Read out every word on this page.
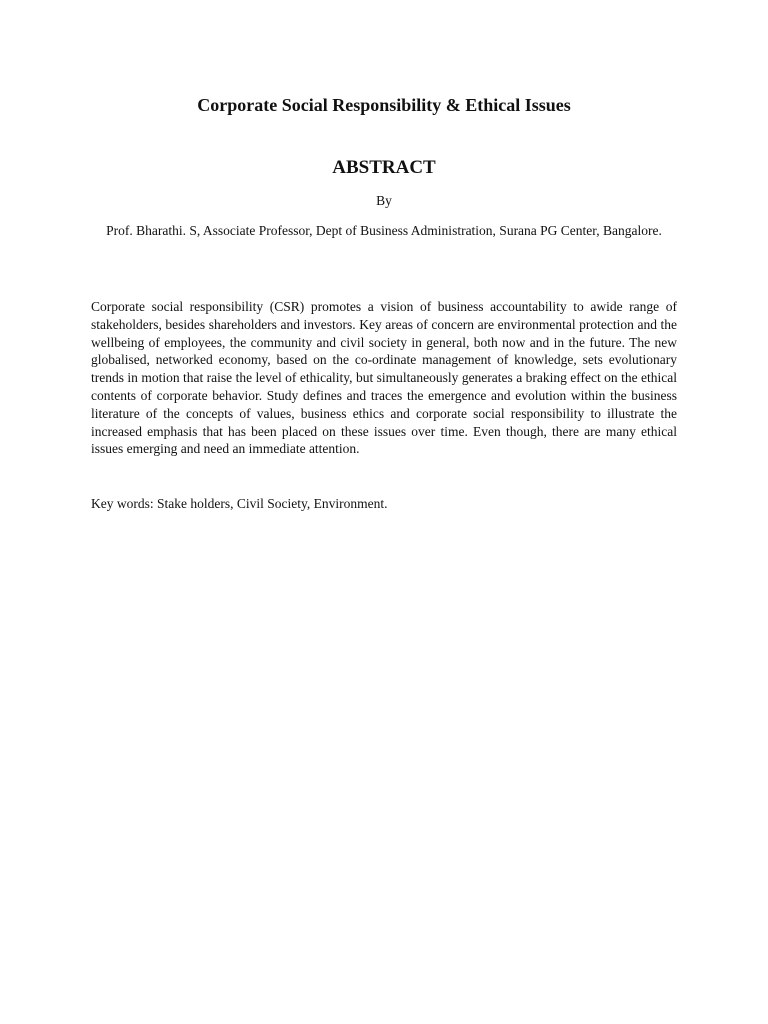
Corporate Social Responsibility & Ethical Issues
ABSTRACT
By
Prof. Bharathi. S, Associate Professor, Dept of Business Administration, Surana PG Center, Bangalore.
Corporate social responsibility (CSR) promotes a vision of business accountability to awide range of stakeholders, besides shareholders and investors. Key areas of concern are environmental protection and the wellbeing of employees, the community and civil society in general, both now and in the future. The new globalised, networked economy, based on the co-ordinate management of knowledge, sets evolutionary trends in motion that raise the level of ethicality, but simultaneously generates a braking effect on the ethical contents of corporate behavior. Study defines and traces the emergence and evolution within the business literature of the concepts of values, business ethics and corporate social responsibility to illustrate the increased emphasis that has been placed on these issues over time. Even though, there are many ethical issues emerging and need an immediate attention.
Key words: Stake holders, Civil Society, Environment.
